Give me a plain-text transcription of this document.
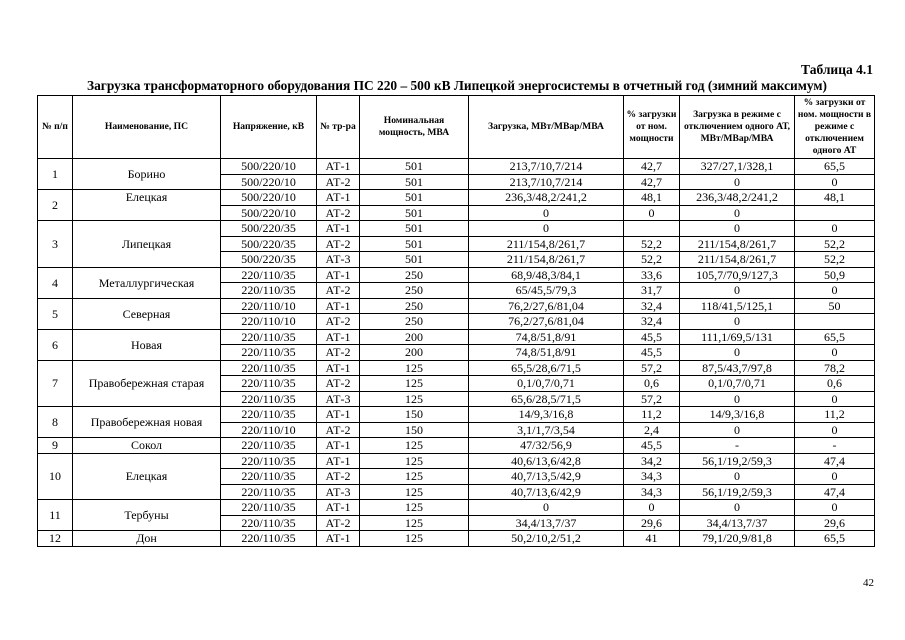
Таблица 4.1
Загрузка трансформаторного оборудования ПС 220 – 500 кВ Липецкой энергосистемы в отчетный год (зимний максимум)
№ п/п	Наименование, ПС	Напряжение, кВ	№ тр-ра	Номинальная мощность, МВА	Загрузка, МВт/МВар/МВА	% загрузки от ном. мощности	Загрузка в режиме с отключением одного АТ, МВт/МВар/МВА	% загрузки от ном. мощности в режиме с отключением одного АТ
1	Борино	500/220/10	АТ-1	501	213,7/10,7/214	42,7	327/27,1/328,1	65,5
		500/220/10	АТ-2	501	213,7/10,7/214	42,7	0	0
2	Елецкая	500/220/10	АТ-1	501	236,3/48,2/241,2	48,1	236,3/48,2/241,2	48,1
		500/220/10	АТ-2	501	0	0	0	
3	Липецкая	500/220/35	АТ-1	501	0		0	0
		500/220/35	АТ-2	501	211/154,8/261,7	52,2	211/154,8/261,7	52,2
		500/220/35	АТ-3	501	211/154,8/261,7	52,2	211/154,8/261,7	52,2
4	Металлургическая	220/110/35	АТ-1	250	68,9/48,3/84,1	33,6	105,7/70,9/127,3	50,9
		220/110/35	АТ-2	250	65/45,5/79,3	31,7	0	0
5	Северная	220/110/10	АТ-1	250	76,2/27,6/81,04	32,4	118/41,5/125,1	50
		220/110/10	АТ-2	250	76,2/27,6/81,04	32,4	0	
6	Новая	220/110/35	АТ-1	200	74,8/51,8/91	45,5	111,1/69,5/131	65,5
		220/110/35	АТ-2	200	74,8/51,8/91	45,5	0	0
7	Правобережная старая	220/110/35	АТ-1	125	65,5/28,6/71,5	57,2	87,5/43,7/97,8	78,2
		220/110/35	АТ-2	125	0,1/0,7/0,71	0,6	0,1/0,7/0,71	0,6
		220/110/35	АТ-3	125	65,6/28,5/71,5	57,2	0	0
8	Правобережная новая	220/110/35	АТ-1	150	14/9,3/16,8	11,2	14/9,3/16,8	11,2
		220/110/10	АТ-2	150	3,1/1,7/3,54	2,4	0	0
9	Сокол	220/110/35	АТ-1	125	47/32/56,9	45,5	-	-
10	Елецкая	220/110/35	АТ-1	125	40,6/13,6/42,8	34,2	56,1/19,2/59,3	47,4
		220/110/35	АТ-2	125	40,7/13,5/42,9	34,3	0	0
		220/110/35	АТ-3	125	40,7/13,6/42,9	34,3	56,1/19,2/59,3	47,4
11	Тербуны	220/110/35	АТ-1	125	0	0	0	0
		220/110/35	АТ-2	125	34,4/13,7/37	29,6	34,4/13,7/37	29,6
12	Дон	220/110/35	АТ-1	125	50,2/10,2/51,2	41	79,1/20,9/81,8	65,5
42
